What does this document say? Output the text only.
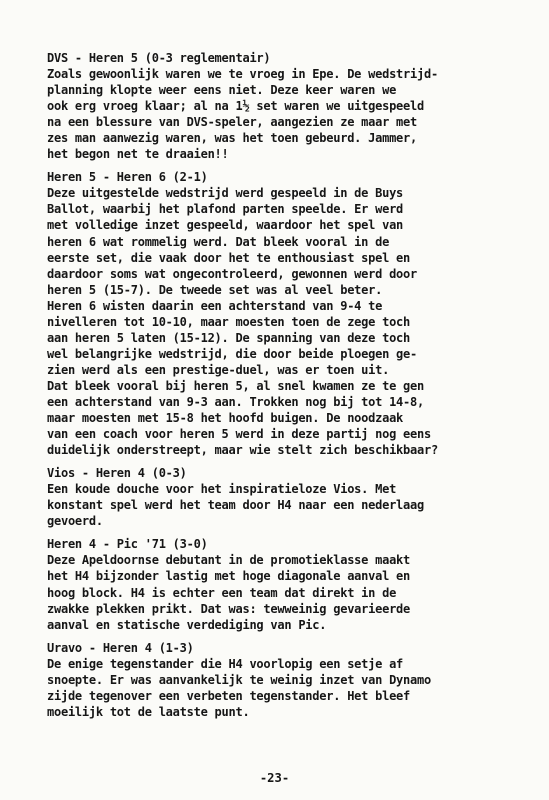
DVS - Heren 5 (0-3 reglementair)
Zoals gewoonlijk waren we te vroeg in Epe. De wedstrijd-
planning klopte weer eens niet. Deze keer waren we
ook erg vroeg klaar; al na 1½ set waren we uitgespeeld
na een blessure van DVS-speler, aangezien ze maar met
zes man aanwezig waren, was het toen gebeurd. Jammer,
het begon net te draaien!!
Heren 5 - Heren 6 (2-1)
Deze uitgestelde wedstrijd werd gespeeld in de Buys
Ballot, waarbij het plafond parten speelde. Er werd
met volledige inzet gespeeld, waardoor het spel van
heren 6 wat rommelig werd. Dat bleek vooral in de
eerste set, die vaak door het te enthousiast spel en
daardoor soms wat ongecontroleerd, gewonnen werd door
heren 5 (15-7). De tweede set was al veel beter.
Heren 6 wisten daarin een achterstand van 9-4 te
nivelleren tot 10-10, maar moesten toen de zege toch
aan heren 5 laten (15-12). De spanning van deze toch
wel belangrijke wedstrijd, die door beide ploegen ge-
zien werd als een prestige-duel, was er toen uit.
Dat bleek vooral bij heren 5, al snel kwamen ze te gen
een achterstand van 9-3 aan. Trokken nog bij tot 14-8,
maar moesten met 15-8 het hoofd buigen. De noodzaak
van een coach voor heren 5 werd in deze partij nog eens
duidelijk onderstreept, maar wie stelt zich beschikbaar?
Vios - Heren 4 (0-3)
Een koude douche voor het inspiratieloze Vios. Met
konstant spel werd het team door H4 naar een nederlaag
gevoerd.
Heren 4 - Pic '71 (3-0)
Deze Apeldoornse debutant in de promotieklasse maakt
het H4 bijzonder lastig met hoge diagonale aanval en
hoog block. H4 is echter een team dat direkt in de
zwakke plekken prikt. Dat was: tewweinig gevarieerde
aanval en statische verdediging van Pic.
Uravo - Heren 4 (1-3)
De enige tegenstander die H4 voorlopig een setje af
snoepte. Er was aanvankelijk te weinig inzet van Dynamo
zijde tegenover een verbeten tegenstander. Het bleef
moeilijk tot de laatste punt.
-23-
